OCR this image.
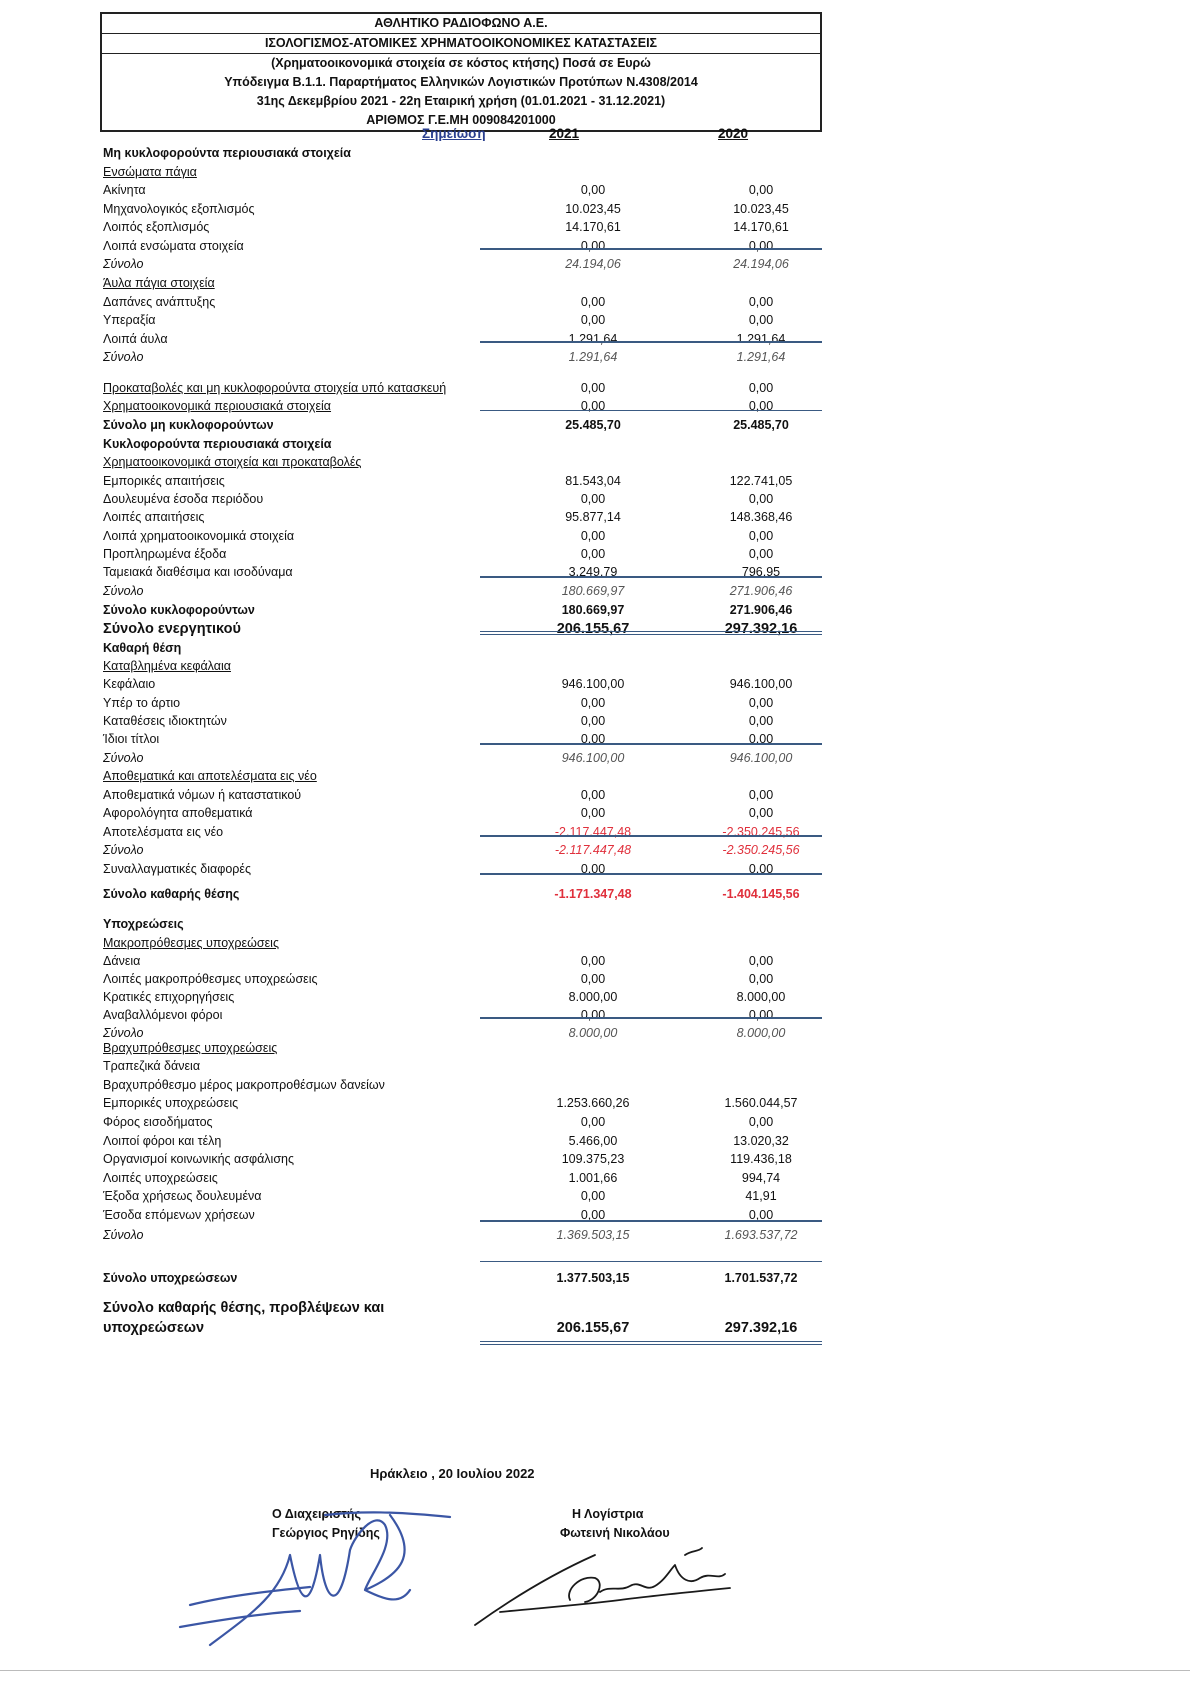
ΑΘΛΗΤΙΚΟ ΡΑΔΙΟΦΩΝΟ Α.Ε.
ΙΣΟΛΟΓΙΣΜΟΣ-ΑΤΟΜΙΚΕΣ ΧΡΗΜΑΤΟΟΙΚΟΝΟΜΙΚΕΣ ΚΑΤΑΣΤΑΣΕΙΣ
(Χρηματοοικονομικά στοιχεία σε κόστος κτήσης) Ποσά σε Ευρώ
Υπόδειγμα Β.1.1. Παραρτήματος Ελληνικών Λογιστικών Προτύπων Ν.4308/2014
31ης Δεκεμβρίου 2021 - 22η Εταιρική χρήση (01.01.2021 - 31.12.2021)
ΑΡΙΘΜΟΣ Γ.Ε.ΜΗ 009084201000
Σημείωση	2021	2020
Μη κυκλοφορούντα περιουσιακά στοιχεία
Ενσώματα πάγια
Ακίνητα	0,00	0,00
Μηχανολογικός εξοπλισμός	10.023,45	10.023,45
Λοιπός εξοπλισμός	14.170,61	14.170,61
Λοιπά ενσώματα στοιχεία	0,00	0,00
Σύνολο	24.194,06	24.194,06
Άυλα πάγια στοιχεία
Δαπάνες ανάπτυξης	0,00	0,00
Υπεραξία	0,00	0,00
Λοιπά άυλα	1.291,64	1.291,64
Σύνολο	1.291,64	1.291,64
Προκαταβολές και μη κυκλοφορούντα στοιχεία υπό κατασκευή	0,00	0,00
Χρηματοοικονομικά περιουσιακά στοιχεία	0,00	0,00
Σύνολο μη κυκλοφορούντων	25.485,70	25.485,70
Κυκλοφορούντα περιουσιακά στοιχεία
Χρηματοοικονομικά στοιχεία και προκαταβολές
Εμπορικές απαιτήσεις	81.543,04	122.741,05
Δουλευμένα έσοδα περιόδου	0,00	0,00
Λοιπές απαιτήσεις	95.877,14	148.368,46
Λοιπά χρηματοοικονομικά στοιχεία	0,00	0,00
Προπληρωμένα έξοδα	0,00	0,00
Ταμειακά διαθέσιμα και ισοδύναμα	3.249,79	796,95
Σύνολο	180.669,97	271.906,46
Σύνολο κυκλοφορούντων	180.669,97	271.906,46
Σύνολο ενεργητικού	206.155,67	297.392,16
Καθαρή θέση
Καταβλημένα κεφάλαια
Κεφάλαιο	946.100,00	946.100,00
Υπέρ το άρτιο	0,00	0,00
Καταθέσεις ιδιοκτητών	0,00	0,00
Ίδιοι τίτλοι	0,00	0,00
Σύνολο	946.100,00	946.100,00
Αποθεματικά και αποτελέσματα εις νέο
Αποθεματικά νόμων ή καταστατικού	0,00	0,00
Αφορολόγητα αποθεματικά	0,00	0,00
Αποτελέσματα εις νέο	-2.117.447,48	-2.350.245,56
Σύνολο	-2.117.447,48	-2.350.245,56
Συναλλαγματικές διαφορές	0,00	0,00
Σύνολο καθαρής θέσης	-1.171.347,48	-1.404.145,56
Υποχρεώσεις
Μακροπρόθεσμες υποχρεώσεις
Δάνεια	0,00	0,00
Λοιπές μακροπρόθεσμες υποχρεώσεις	0,00	0,00
Κρατικές επιχορηγήσεις	8.000,00	8.000,00
Αναβαλλόμενοι φόροι	0,00	0,00
Σύνολο	8.000,00	8.000,00
Βραχυπρόθεσμες υποχρεώσεις
Τραπεζικά δάνεια
Βραχυπρόθεσμο μέρος μακροπροθέσμων δανείων
Εμπορικές υποχρεώσεις	1.253.660,26	1.560.044,57
Φόρος εισοδήματος	0,00	0,00
Λοιποί φόροι και τέλη	5.466,00	13.020,32
Οργανισμοί κοινωνικής ασφάλισης	109.375,23	119.436,18
Λοιπές υποχρεώσεις	1.001,66	994,74
Έξοδα χρήσεως δουλευμένα	0,00	41,91
Έσοδα επόμενων χρήσεων	0,00	0,00
Σύνολο	1.369.503,15	1.693.537,72
Σύνολο υποχρεώσεων	1.377.503,15	1.701.537,72
Σύνολο καθαρής θέσης, προβλέψεων και υποχρεώσεων	206.155,67	297.392,16
Ηράκλειο , 20 Ιουλίου 2022
Ο Διαχειριστής
Γεώργιος Ρηγίδης
Η Λογίστρια
Φωτεινή Νικολάου
